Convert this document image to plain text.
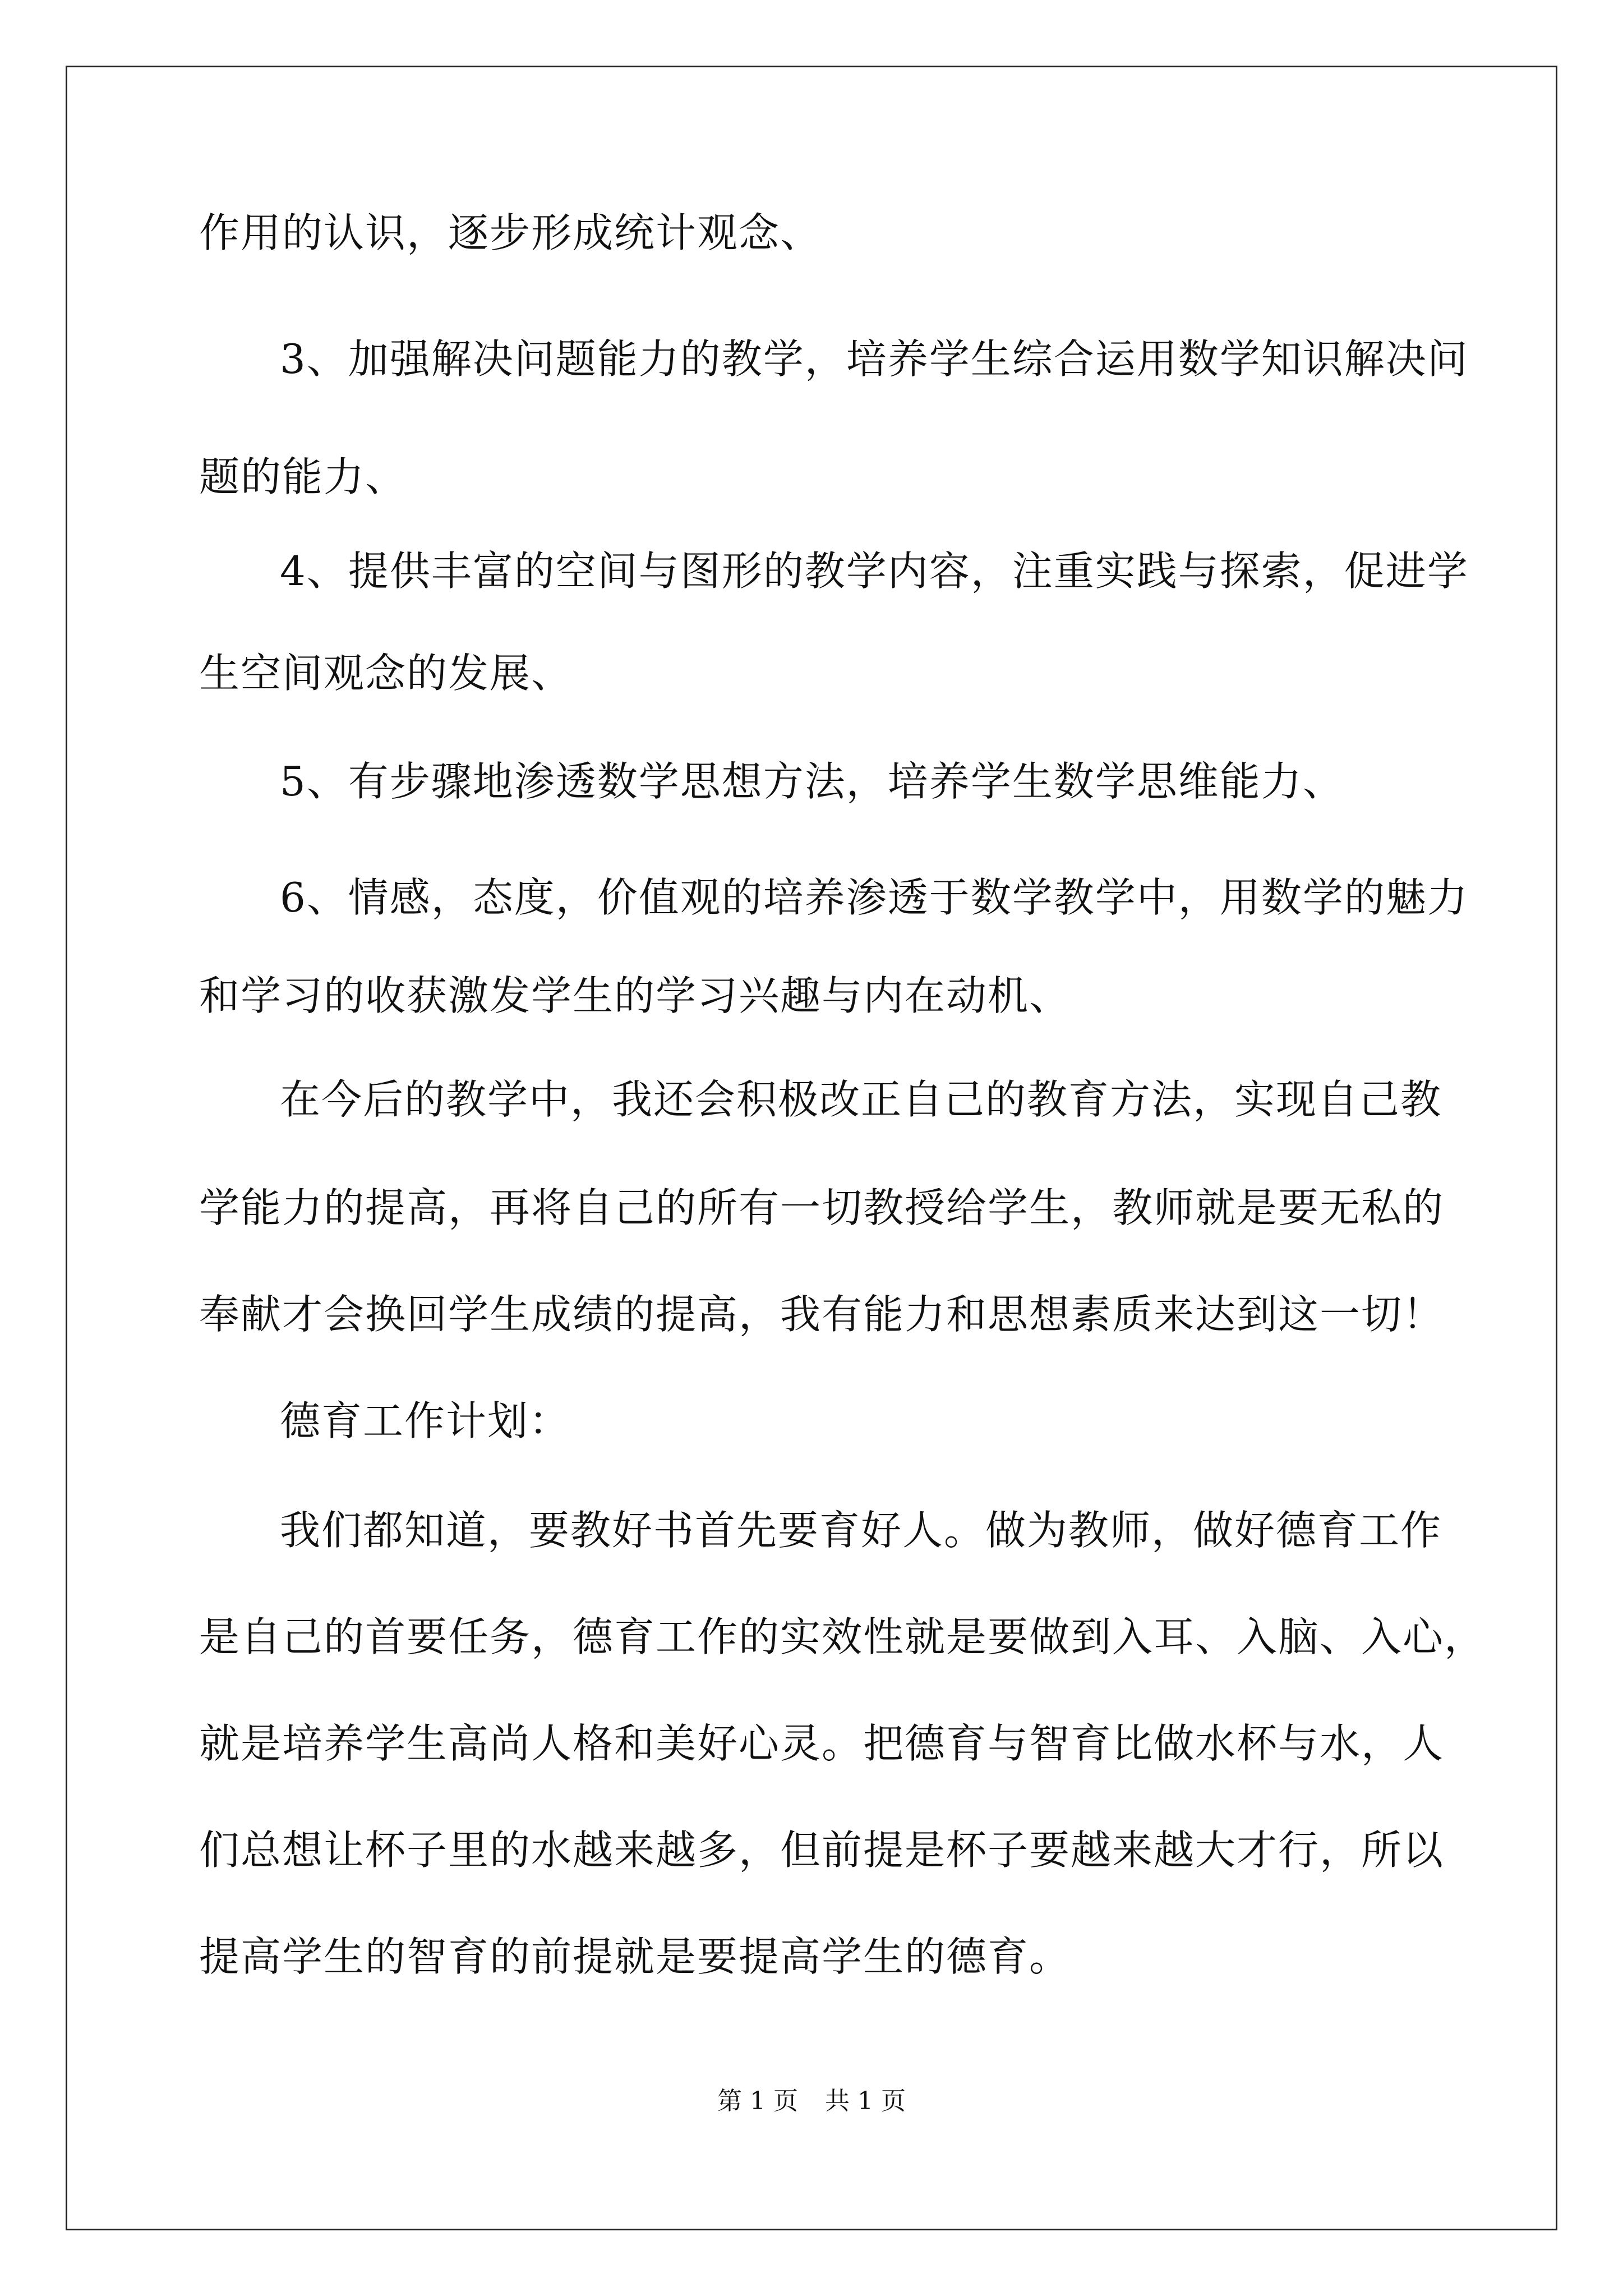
作用的认识，逐步形成统计观念、
3、加强解决问题能力的教学，培养学生综合运用数学知识解决问
题的能力、
4、提供丰富的空间与图形的教学内容，注重实践与探索，促进学
生空间观念的发展、
5、有步骤地渗透数学思想方法，培养学生数学思维能力、
6、情感，态度，价值观的培养渗透于数学教学中，用数学的魅力
和学习的收获激发学生的学习兴趣与内在动机、
在今后的教学中，我还会积极改正自己的教育方法，实现自己教
学能力的提高，再将自己的所有一切教授给学生，教师就是要无私的
奉献才会换回学生成绩的提高，我有能力和思想素质来达到这一切！
德育工作计划：
我们都知道，要教好书首先要育好人。做为教师，做好德育工作
是自己的首要任务，德育工作的实效性就是要做到入耳、入脑、入心，
就是培养学生高尚人格和美好心灵。把德育与智育比做水杯与水，人
们总想让杯子里的水越来越多，但前提是杯子要越来越大才行，所以
提高学生的智育的前提就是要提高学生的德育。
第 1 页 共 1 页
